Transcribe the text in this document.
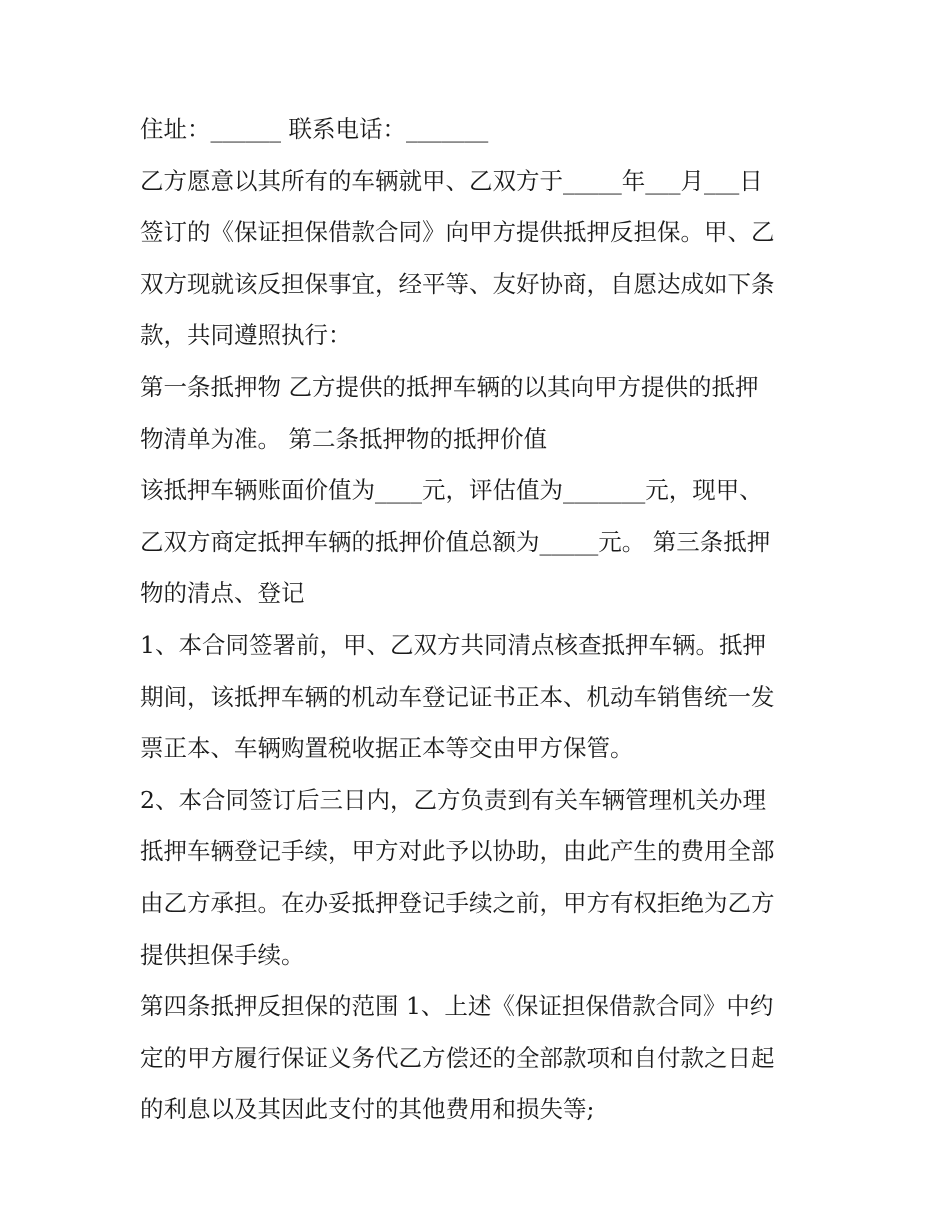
住址：______ 联系电话：_______
乙方愿意以其所有的车辆就甲、乙双方于_____年___月___日
签订的《保证担保借款合同》向甲方提供抵押反担保。甲、乙
双方现就该反担保事宜，经平等、友好协商，自愿达成如下条
款，共同遵照执行：
第一条抵押物 乙方提供的抵押车辆的以其向甲方提供的抵押
物清单为准。 第二条抵押物的抵押价值
该抵押车辆账面价值为____元，评估值为_______元，现甲、
乙双方商定抵押车辆的抵押价值总额为_____元。 第三条抵押
物的清点、登记
1、本合同签署前，甲、乙双方共同清点核查抵押车辆。抵押
期间，该抵押车辆的机动车登记证书正本、机动车销售统一发
票正本、车辆购置税收据正本等交由甲方保管。
2、本合同签订后三日内，乙方负责到有关车辆管理机关办理
抵押车辆登记手续，甲方对此予以协助，由此产生的费用全部
由乙方承担。在办妥抵押登记手续之前，甲方有权拒绝为乙方
提供担保手续。
第四条抵押反担保的范围 1、上述《保证担保借款合同》中约
定的甲方履行保证义务代乙方偿还的全部款项和自付款之日起
的利息以及其因此支付的其他费用和损失等;
